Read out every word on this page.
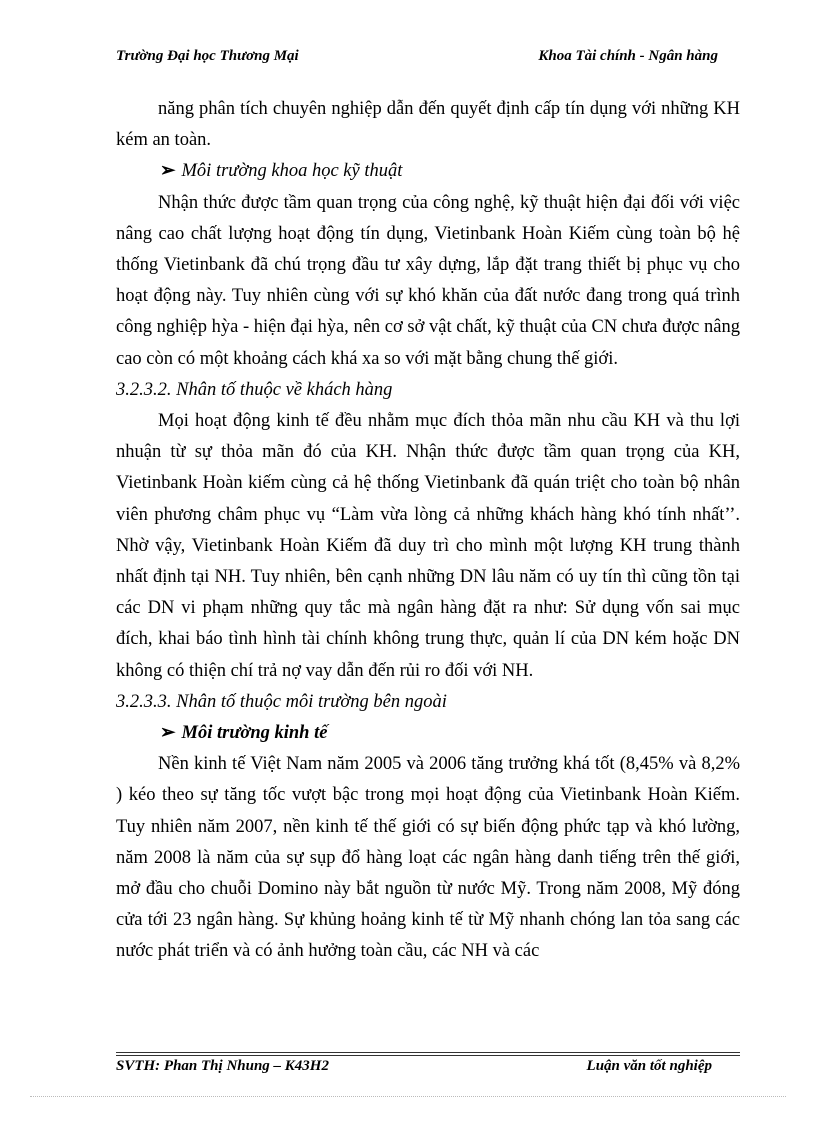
Trường Đại học Thương Mại	Khoa Tài chính - Ngân hàng

năng phân tích chuyên nghiệp dẫn đến quyết định cấp tín dụng với những KH kém an toàn.

➢ Môi trường khoa học kỹ thuật

Nhận thức được tầm quan trọng của công nghệ, kỹ thuật hiện đại đối với việc nâng cao chất lượng hoạt động tín dụng, Vietinbank Hoàn Kiếm cùng toàn bộ hệ thống Vietinbank đã chú trọng đầu tư xây dựng, lắp đặt trang thiết bị phục vụ cho hoạt động này. Tuy nhiên cùng với sự khó khăn của đất nước đang trong quá trình công nghiệp hỳa - hiện đại hỳa, nên cơ sở vật chất, kỹ thuật của CN chưa được nâng cao còn có một khoảng cách khá xa so với mặt bằng chung thế giới.

3.2.3.2. Nhân tố thuộc về khách hàng

Mọi hoạt động kinh tế đều nhằm mục đích thỏa mãn nhu cầu KH và thu lợi nhuận từ sự thỏa mãn đó của KH. Nhận thức được tầm quan trọng của KH, Vietinbank Hoàn kiếm cùng cả hệ thống Vietinbank đã quán triệt cho toàn bộ nhân viên phương châm phục vụ “Làm vừa lòng cả những khách hàng khó tính nhất’’. Nhờ vậy, Vietinbank Hoàn Kiếm đã duy trì cho mình một lượng KH trung thành nhất định tại NH. Tuy nhiên, bên cạnh những DN lâu năm có uy tín thì cũng tồn tại các DN vi phạm những quy tắc mà ngân hàng đặt ra như: Sử dụng vốn sai mục đích, khai báo tình hình tài chính không trung thực, quản lí của DN kém hoặc DN không có thiện chí trả nợ vay dẫn đến rủi ro đối với NH.

3.2.3.3. Nhân tố thuộc môi trường bên ngoài

➢ Môi trường kinh tế

Nền kinh tế Việt Nam năm 2005 và 2006 tăng trưởng khá tốt (8,45% và 8,2% ) kéo theo sự tăng tốc vượt bậc trong mọi hoạt động của Vietinbank Hoàn Kiếm. Tuy nhiên năm 2007, nền kinh tế thế giới có sự biến động phức tạp và khó lường, năm 2008 là năm của sự sụp đổ hàng loạt các ngân hàng danh tiếng trên thế giới, mở đầu cho chuỗi Domino này bắt nguồn từ nước Mỹ. Trong năm 2008, Mỹ đóng cửa tới 23 ngân hàng. Sự khủng hoảng kinh tế từ Mỹ nhanh chóng lan tỏa sang các nước phát triển và có ảnh hưởng toàn cầu, các NH và các

SVTH: Phan Thị Nhung – K43H2	Luận văn tốt nghiệp
